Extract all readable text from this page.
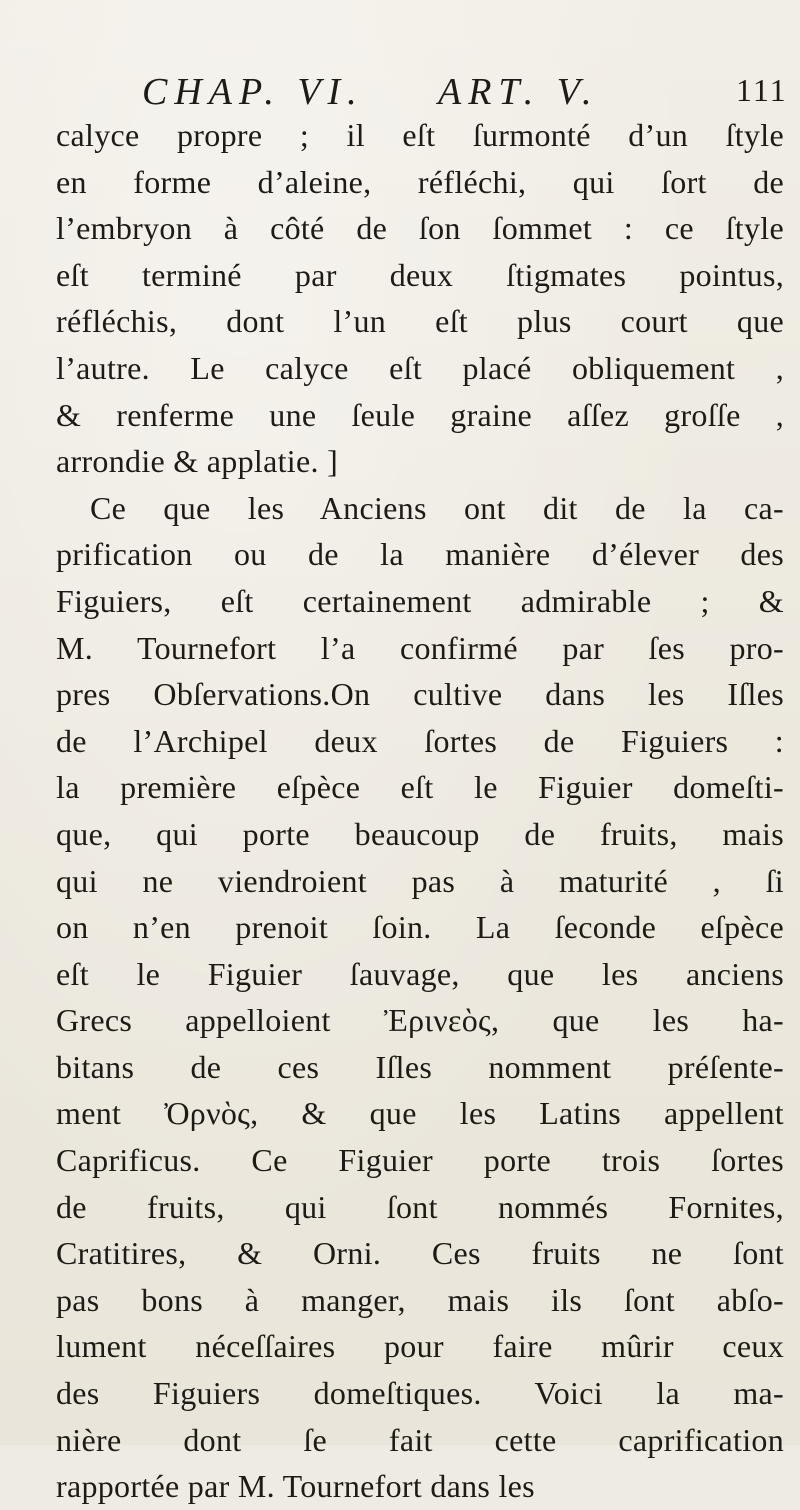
CHAP. VI. ART. V.	111
calyce propre ; il eſt ſurmonté d’un ſtyle
en forme d’aleine, réfléchi, qui ſort de
l’embryon à côté de ſon ſommet : ce ſtyle
eſt terminé par deux ſtigmates pointus,
réfléchis, dont l’un eſt plus court que
l’autre. Le calyce eſt placé obliquement ,
& renferme une ſeule graine aſſez groſſe ,
arrondie & applatie. ]
Ce que les Anciens ont dit de la ca-
prification ou de la manière d’élever des
Figuiers, eſt certainement admirable ; &
M. Tournefort l’a confirmé par ſes pro-
pres Obſervations.On cultive dans les Iſles
de l’Archipel deux ſortes de Figuiers :
la première eſpèce eſt le Figuier domeſti-
que, qui porte beaucoup de fruits, mais
qui ne viendroient pas à maturité , ſi
on n’en prenoit ſoin. La ſeconde eſpèce
eſt le Figuier ſauvage, que les anciens
Grecs appelloient Ἐρινεὸς, que les ha-
bitans de ces Iſles nomment préſente-
ment Ὀρνὸς, & que les Latins appellent
Caprificus. Ce Figuier porte trois ſortes
de fruits, qui ſont nommés Fornites,
Cratitires, & Orni. Ces fruits ne ſont
pas bons à manger, mais ils ſont abſo-
lument néceſſaires pour faire mûrir ceux
des Figuiers domeſtiques. Voici la ma-
nière dont ſe fait cette caprification
rapportée par M. Tournefort dans les
